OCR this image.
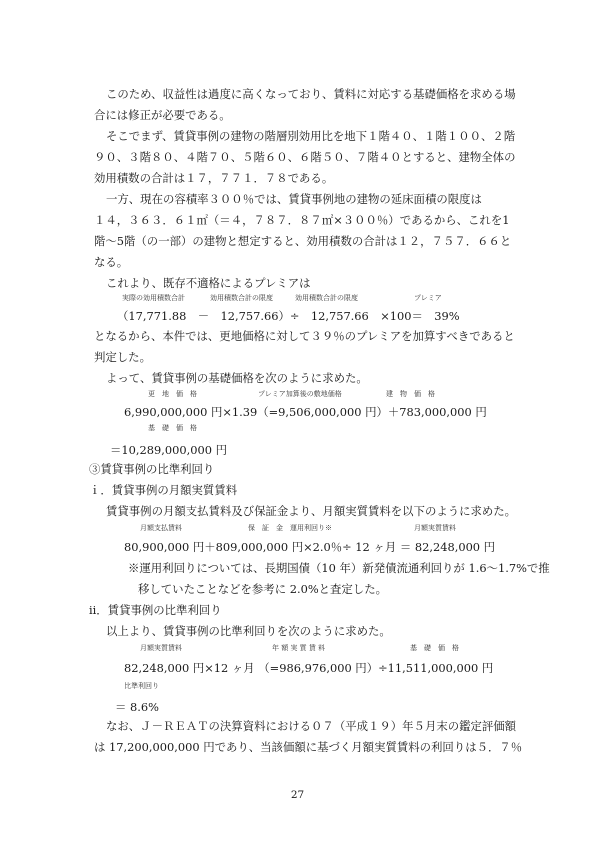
このため、収益性は過度に高くなっており、賃料に対応する基礎価格を求める場
合には修正が必要である。
そこでまず、賃貸事例の建物の階層別効用比を地下１階４０、１階１００、２階
９０、３階８０、４階７０、５階６０、６階５０、７階４０とすると、建物全体の
効用積数の合計は１７，７７１．７８である。
一方、現在の容積率３００％では、賃貸事例地の建物の延床面積の限度は
１４，３６３．６１㎡（＝４，７８７．８７㎡×３００％）であるから、これを1
階～5階（の一部）の建物と想定すると、効用積数の合計は１２，７５７．６６と
なる。
これより、既存不適格によるプレミアは
実際の効用積数合計	効用積数合計の限度	効用積数合計の限度	プレミア
（17,771.88　－　12,757.66）÷　12,757.66　×100＝　39%
となるから、本件では、更地価格に対して３９％のプレミアを加算すべきであると
判定した。
よって、賃貸事例の基礎価格を次のように求めた。
更　地　価　格	プレミア加算後の敷地価格	建　物　価　格
6,990,000,000 円×1.39（=9,506,000,000 円）＋783,000,000 円
基　礎　価　格
＝10,289,000,000 円
③賃貸事例の比準利回り
ｉ．賃貸事例の月額実質賃料
賃貸事例の月額支払賃料及び保証金より、月額実質賃料を以下のように求めた。
月額支払賃料	保　証　金 運用利回り※	月額実質賃料
80,900,000 円＋809,000,000 円×2.0％÷ 12 ヶ月 ＝ 82,248,000 円
※運用利回りについては、長期国債（10 年）新発債流通利回りが 1.6～1.7%で推
移していたことなどを参考に 2.0%と査定した。
ⅱ．賃貸事例の比準利回り
以上より、賃貸事例の比準利回りを次のように求めた。
月額実質賃料	年 額 実 質 賃 料	基　礎　価　格
82,248,000 円×12 ヶ月 （=986,976,000 円）÷11,511,000,000 円
比準利回り
＝ 8.6%
なお、Ｊ－ＲＥＡＴの決算資料における０７（平成１９）年５月末の鑑定評価額
は 17,200,000,000 円であり、当該価額に基づく月額実質賃料の利回りは５．７％
27
